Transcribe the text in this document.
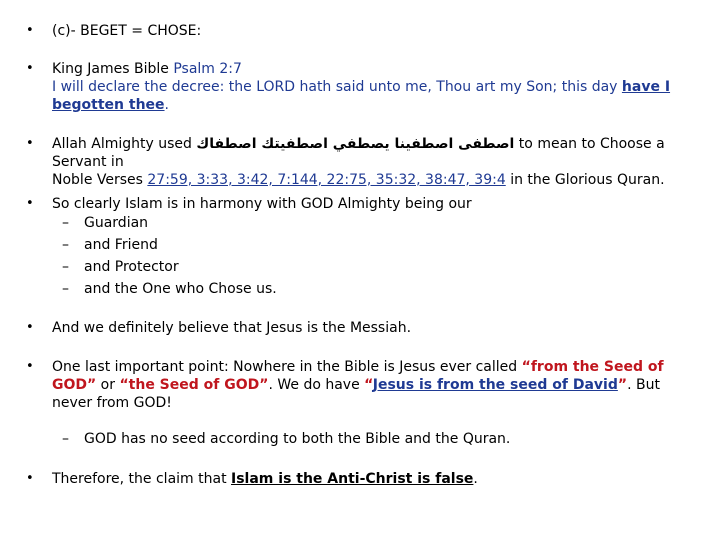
• (c)- BEGET = CHOSE:
• King James Bible Psalm 2:7
I will declare the decree: the LORD hath said unto me, Thou art my Son; this day have I
begotten thee.
• Allah Almighty used اصطفى اصطفينا يصطفي اصطفيتك اصطفاك to mean to Choose a Servant in
Noble Verses 27:59, 3:33, 3:42, 7:144, 22:75, 35:32, 38:47, 39:4 in the Glorious Quran.
• So clearly Islam is in harmony with GOD Almighty being our
– Guardian
– and Friend
– and Protector
– and the One who Chose us.
• And we definitely believe that Jesus is the Messiah.
• One last important point: Nowhere in the Bible is Jesus ever called “from the Seed of GOD” or “the Seed of GOD”. We do have “Jesus is from the seed of David”. But never from GOD!
– GOD has no seed according to both the Bible and the Quran.
• Therefore, the claim that Islam is the Anti-Christ is false.
